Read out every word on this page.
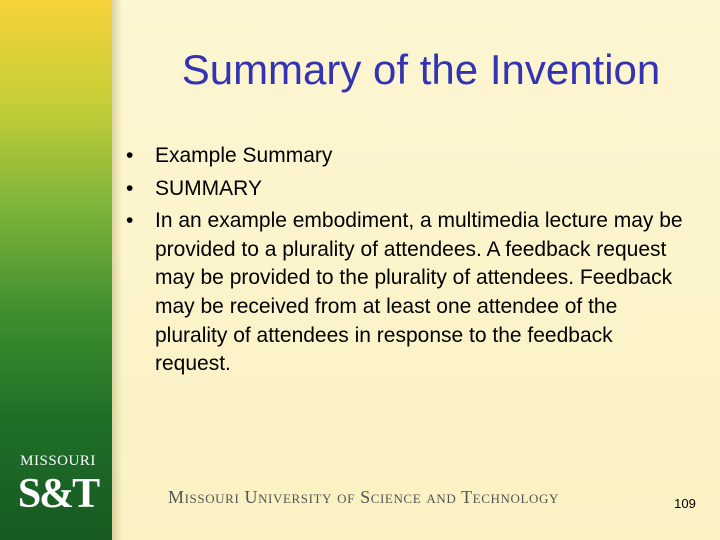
MISSOURI
S&T
Summary of the Invention
•	Example Summary
•	SUMMARY
•	In an example embodiment, a multimedia lecture may be provided to a plurality of attendees. A feedback request may be provided to the plurality of attendees. Feedback may be received from at least one attendee of the plurality of attendees in response to the feedback request.
Missouri University of Science and Technology	109
